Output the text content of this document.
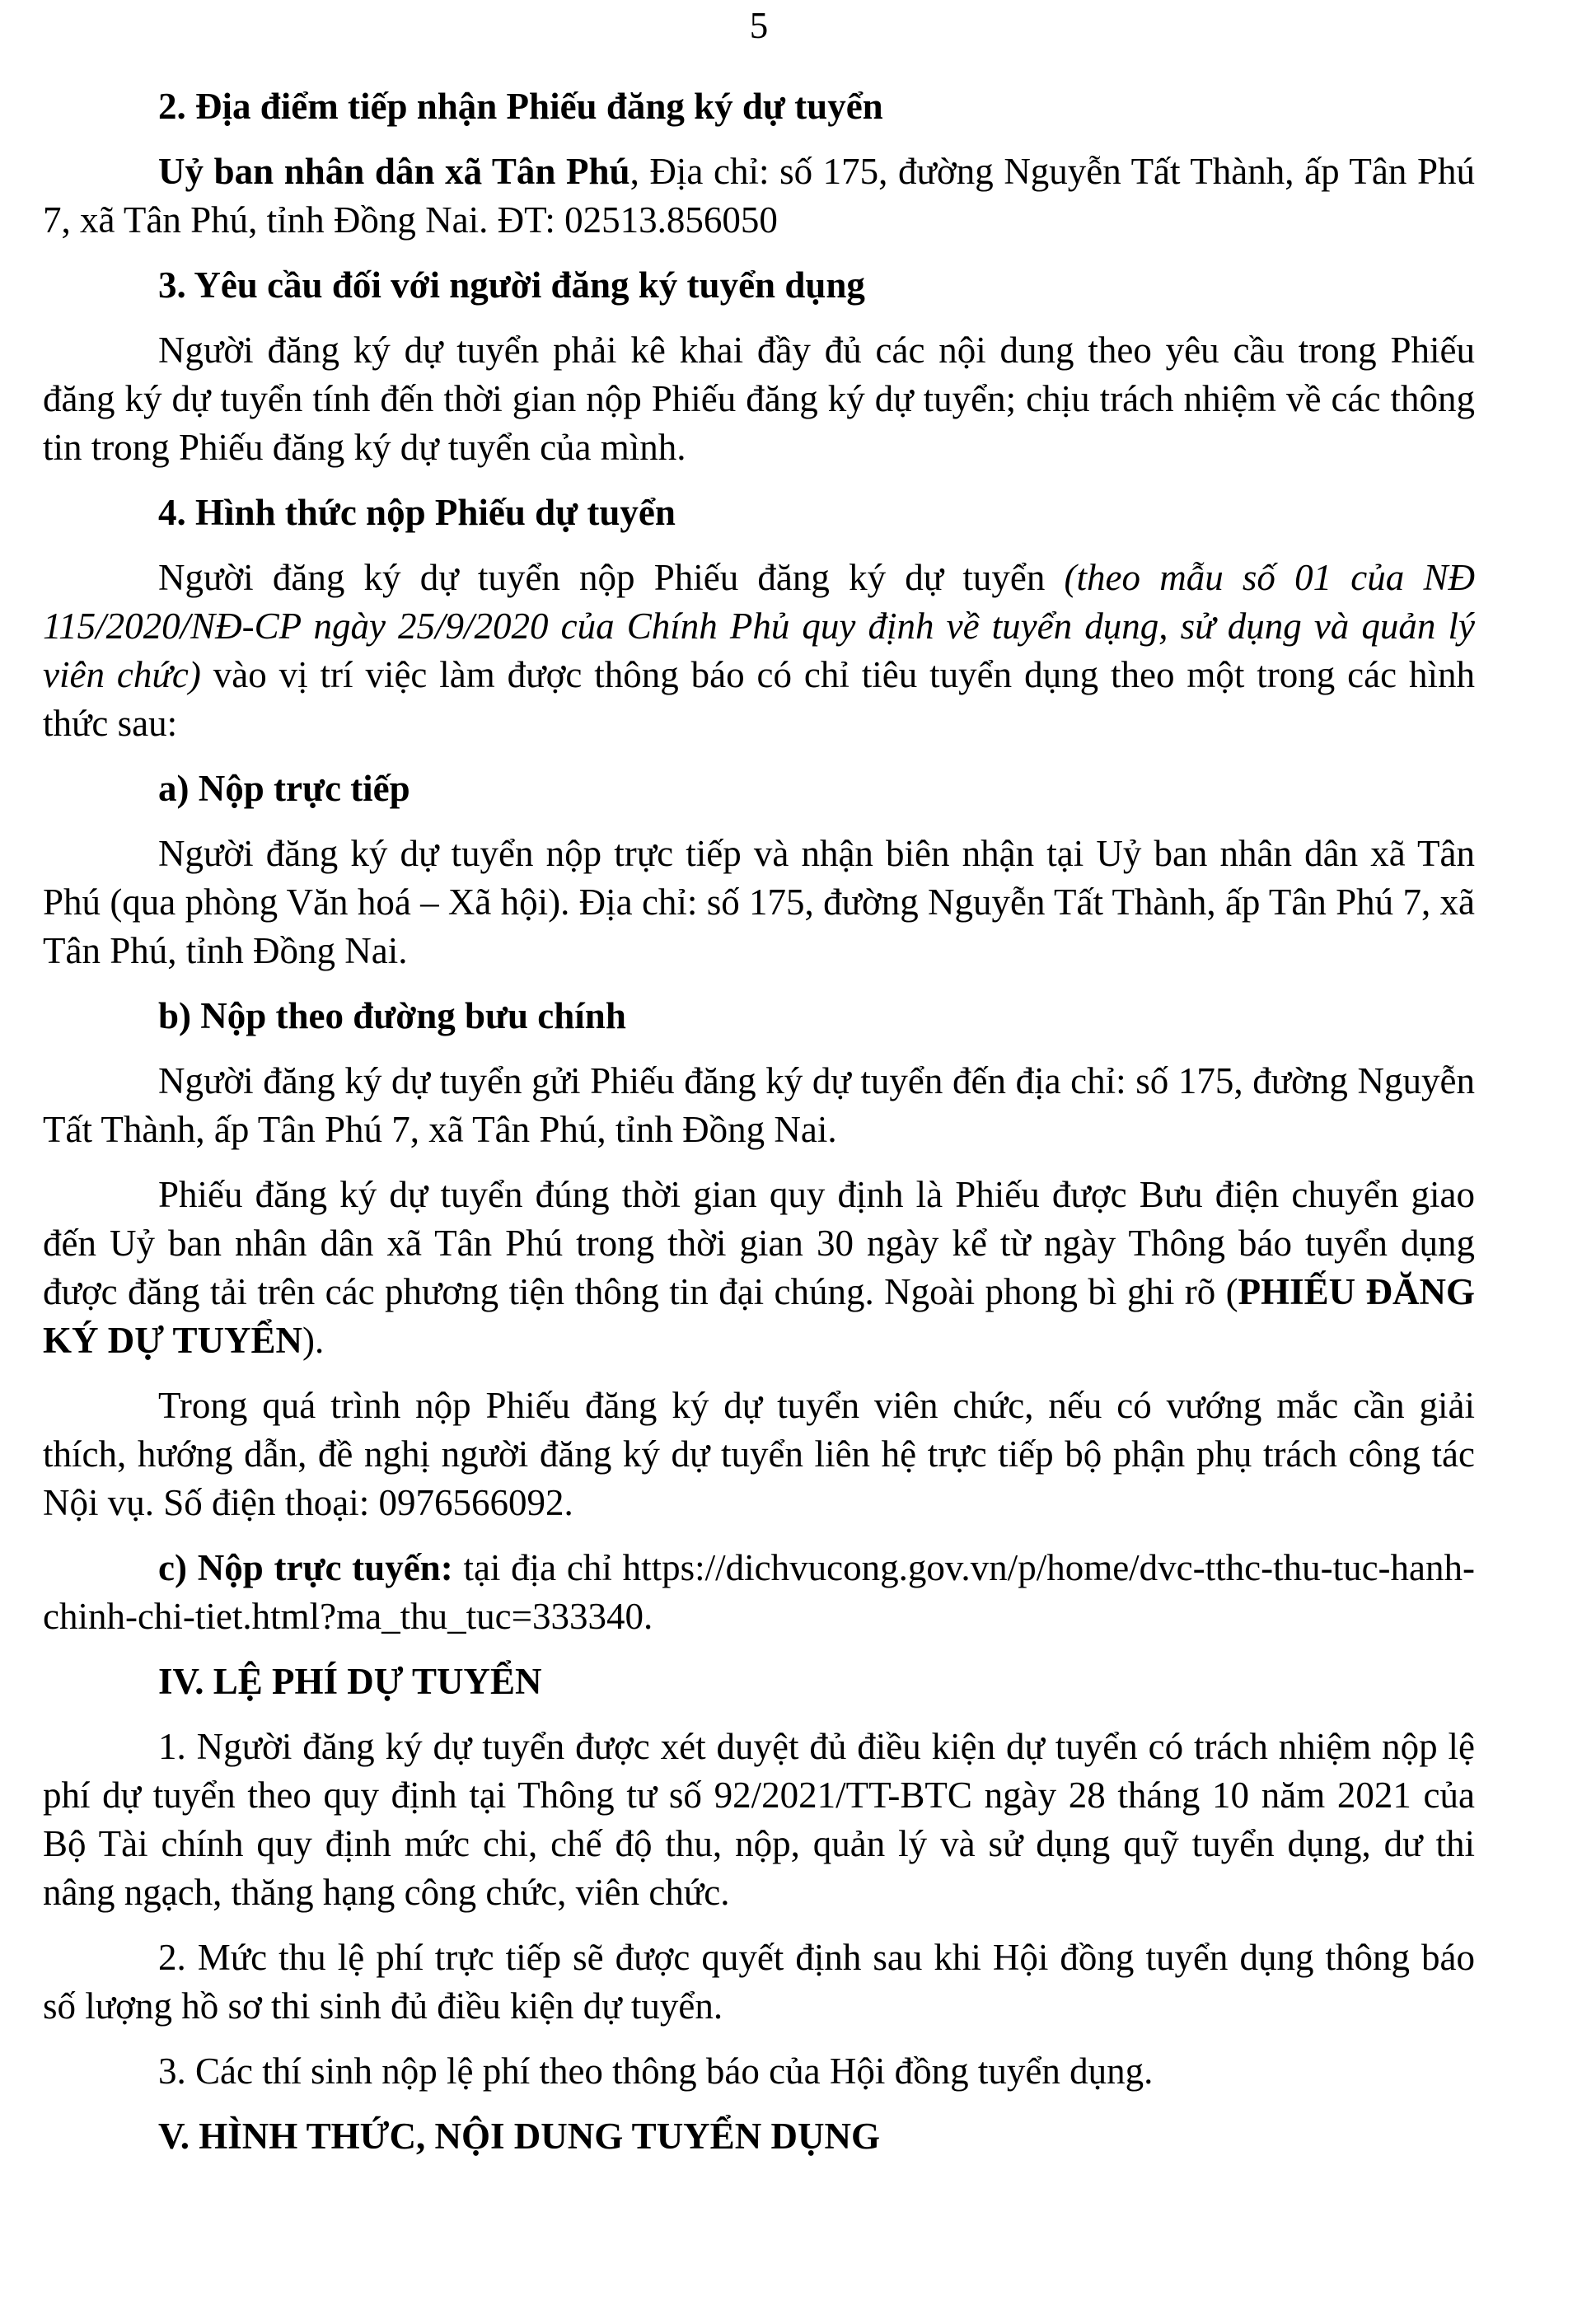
5

2. Địa điểm tiếp nhận Phiếu đăng ký dự tuyển

Uỷ ban nhân dân xã Tân Phú, Địa chỉ: số 175, đường Nguyễn Tất Thành, ấp Tân Phú 7, xã Tân Phú, tỉnh Đồng Nai. ĐT: 02513.856050

3. Yêu cầu đối với người đăng ký tuyển dụng

Người đăng ký dự tuyển phải kê khai đầy đủ các nội dung theo yêu cầu trong Phiếu đăng ký dự tuyển tính đến thời gian nộp Phiếu đăng ký dự tuyển; chịu trách nhiệm về các thông tin trong Phiếu đăng ký dự tuyển của mình.

4. Hình thức nộp Phiếu dự tuyển

Người đăng ký dự tuyển nộp Phiếu đăng ký dự tuyển (theo mẫu số 01 của NĐ 115/2020/NĐ-CP ngày 25/9/2020 của Chính Phủ quy định về tuyển dụng, sử dụng và quản lý viên chức) vào vị trí việc làm được thông báo có chỉ tiêu tuyển dụng theo một trong các hình thức sau:

a) Nộp trực tiếp

Người đăng ký dự tuyển nộp trực tiếp và nhận biên nhận tại Uỷ ban nhân dân xã Tân Phú (qua phòng Văn hoá – Xã hội). Địa chỉ: số 175, đường Nguyễn Tất Thành, ấp Tân Phú 7, xã Tân Phú, tỉnh Đồng Nai.

b) Nộp theo đường bưu chính

Người đăng ký dự tuyển gửi Phiếu đăng ký dự tuyển đến địa chỉ: số 175, đường Nguyễn Tất Thành, ấp Tân Phú 7, xã Tân Phú, tỉnh Đồng Nai.

Phiếu đăng ký dự tuyển đúng thời gian quy định là Phiếu được Bưu điện chuyển giao đến Uỷ ban nhân dân xã Tân Phú trong thời gian 30 ngày kể từ ngày Thông báo tuyển dụng được đăng tải trên các phương tiện thông tin đại chúng. Ngoài phong bì ghi rõ (PHIẾU ĐĂNG KÝ DỰ TUYỂN).

Trong quá trình nộp Phiếu đăng ký dự tuyển viên chức, nếu có vướng mắc cần giải thích, hướng dẫn, đề nghị người đăng ký dự tuyển liên hệ trực tiếp bộ phận phụ trách công tác Nội vụ. Số điện thoại: 0976566092.

c) Nộp trực tuyến: tại địa chỉ https://dichvucong.gov.vn/p/home/dvc-tthc-thu-tuc-hanh-chinh-chi-tiet.html?ma_thu_tuc=333340.

IV. LỆ PHÍ DỰ TUYỂN

1. Người đăng ký dự tuyển được xét duyệt đủ điều kiện dự tuyển có trách nhiệm nộp lệ phí dự tuyển theo quy định tại Thông tư số 92/2021/TT-BTC ngày 28 tháng 10 năm 2021 của Bộ Tài chính quy định mức chi, chế độ thu, nộp, quản lý và sử dụng quỹ tuyển dụng, dư thi nâng ngạch, thăng hạng công chức, viên chức.

2. Mức thu lệ phí trực tiếp sẽ được quyết định sau khi Hội đồng tuyển dụng thông báo số lượng hồ sơ thi sinh đủ điều kiện dự tuyển.

3. Các thí sinh nộp lệ phí theo thông báo của Hội đồng tuyển dụng.

V. HÌNH THỨC, NỘI DUNG TUYỂN DỤNG
